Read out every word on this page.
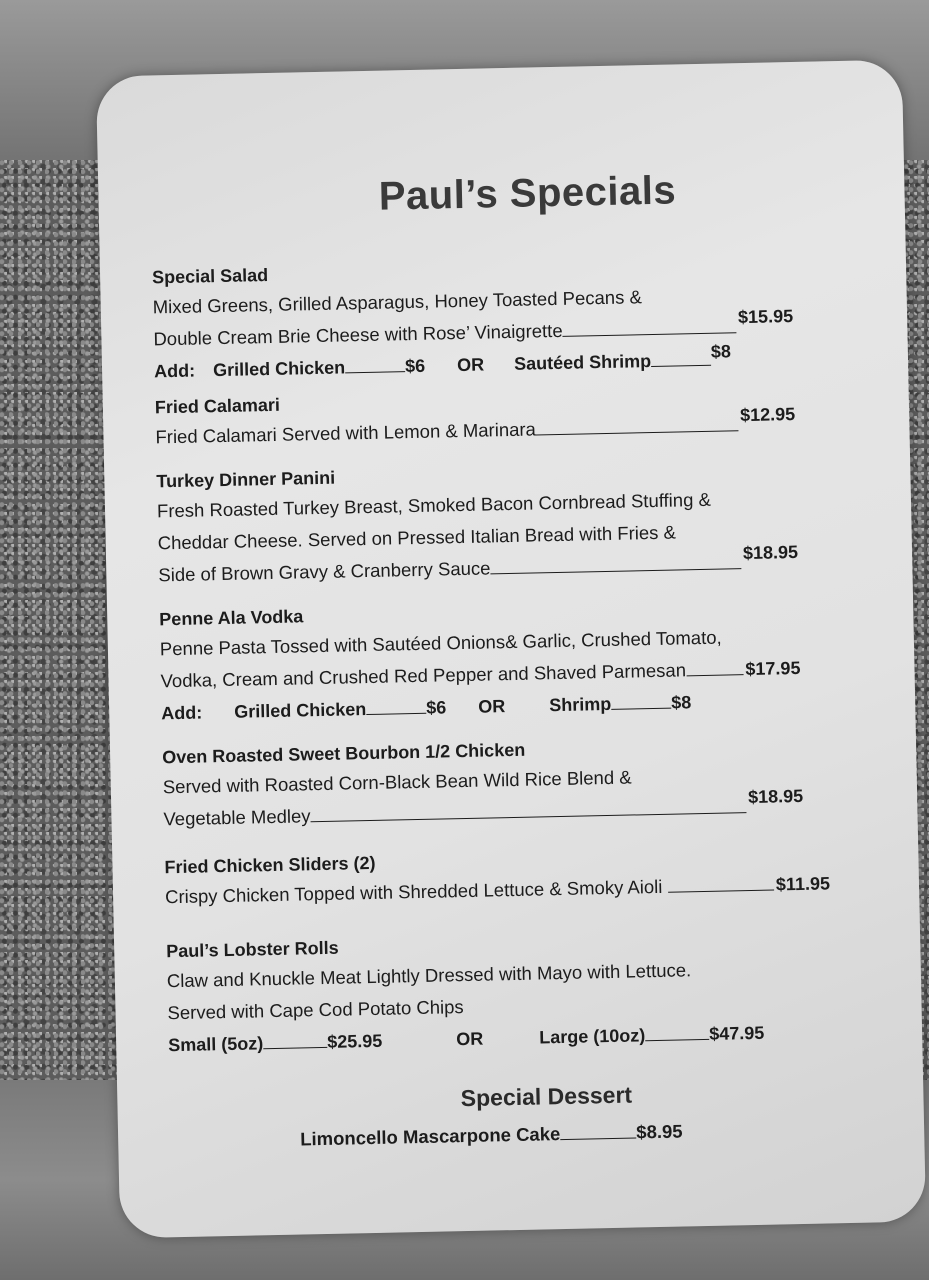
Paul’s Specials
Special Salad
Mixed Greens, Grilled Asparagus, Honey Toasted Pecans &
Double Cream Brie Cheese with Rose’ Vinaigrette
$15.95
Add: Grilled Chicken	$6 OR Sautéed Shrimp	$8
Fried Calamari
Fried Calamari Served with Lemon & Marinara
$12.95
Turkey Dinner Panini
Fresh Roasted Turkey Breast, Smoked Bacon Cornbread Stuffing &
Cheddar Cheese. Served on Pressed Italian Bread with Fries &
Side of Brown Gravy & Cranberry Sauce
$18.95
Penne Ala Vodka
Penne Pasta Tossed with Sautéed Onions& Garlic, Crushed Tomato,
Vodka, Cream and Crushed Red Pepper and Shaved Parmesan	$17.95
Add: Grilled Chicken	$6 OR Shrimp	$8
Oven Roasted Sweet Bourbon 1/2 Chicken
Served with Roasted Corn-Black Bean Wild Rice Blend &
Vegetable Medley
$18.95
Fried Chicken Sliders (2)
Crispy Chicken Topped with Shredded Lettuce & Smoky Aioli	$11.95
Paul’s Lobster Rolls
Claw and Knuckle Meat Lightly Dressed with Mayo with Lettuce.
Served with Cape Cod Potato Chips
Small (5oz)	$25.95	OR	Large (10oz)	$47.95
Special Dessert
Limoncello Mascarpone Cake	$8.95
